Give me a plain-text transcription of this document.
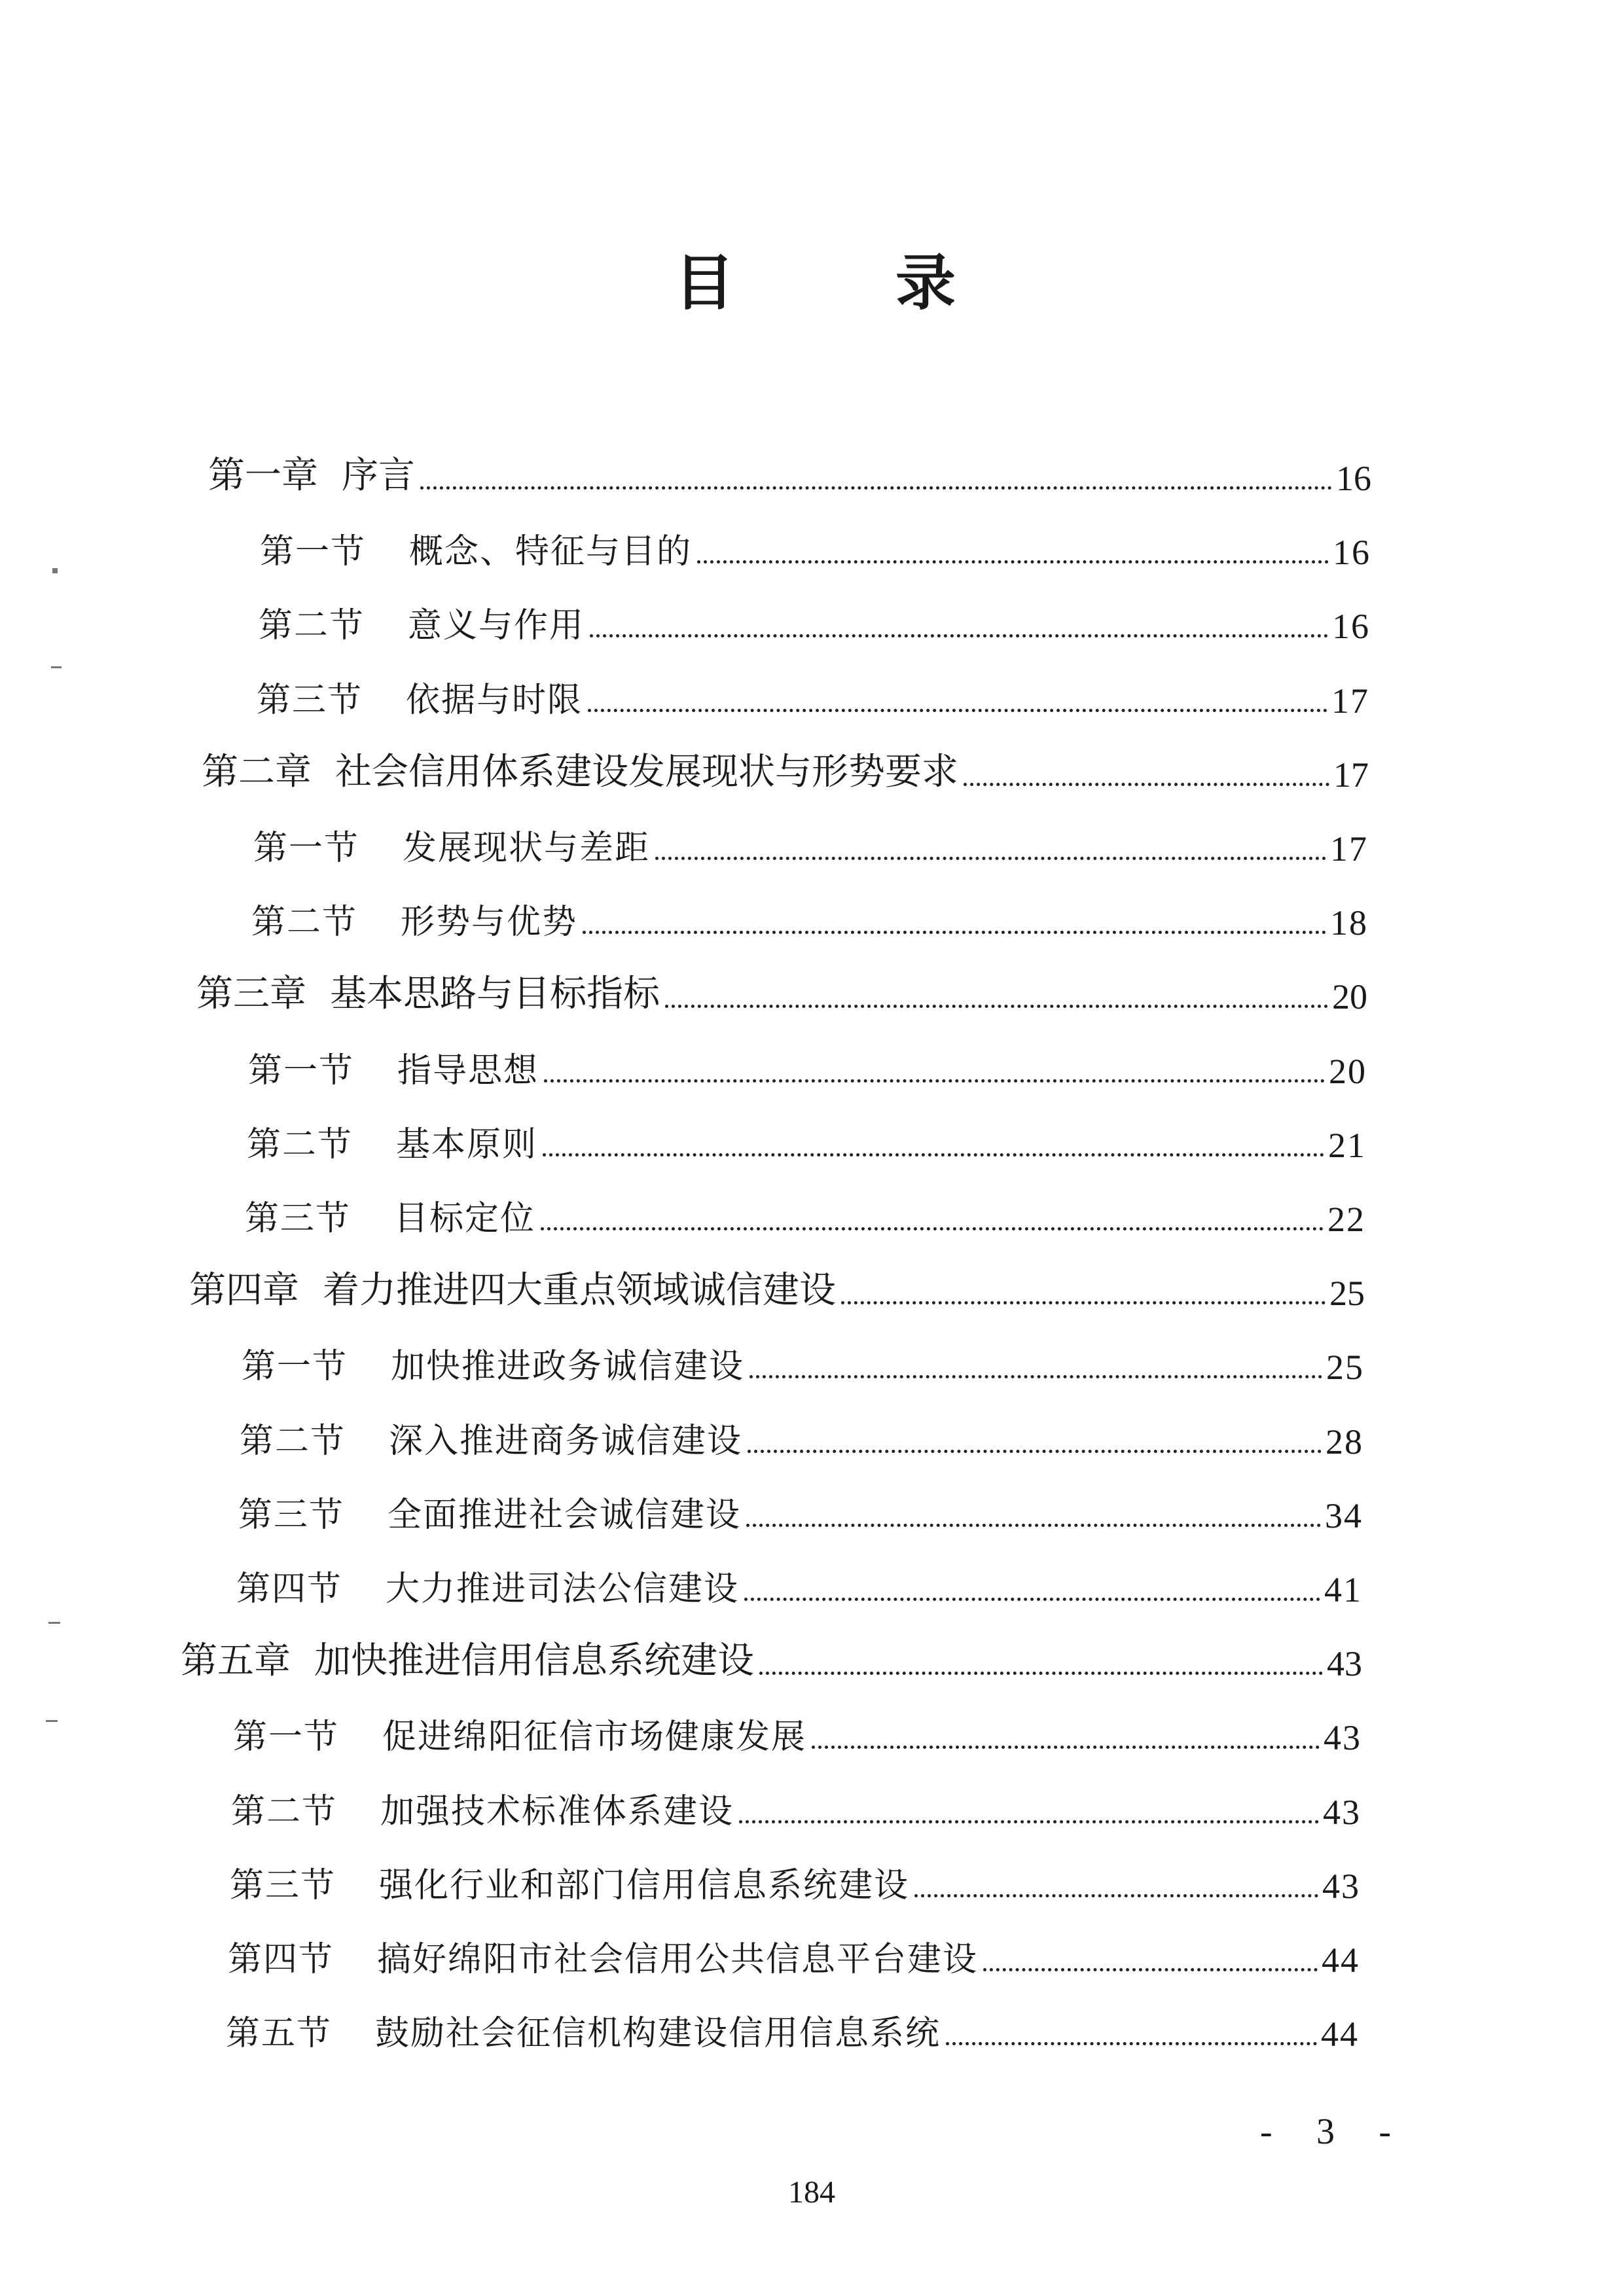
目	录
第一章 序言	16
第一节 概念、特征与目的	16
第二节 意义与作用	16
第三节 依据与时限	17
第二章 社会信用体系建设发展现状与形势要求	17
第一节 发展现状与差距	17
第二节 形势与优势	18
第三章 基本思路与目标指标	20
第一节 指导思想	20
第二节 基本原则	21
第三节 目标定位	22
第四章 着力推进四大重点领域诚信建设	25
第一节 加快推进政务诚信建设	25
第二节 深入推进商务诚信建设	28
第三节 全面推进社会诚信建设	34
第四节 大力推进司法公信建设	41
第五章 加快推进信用信息系统建设	43
第一节 促进绵阳征信市场健康发展	43
第二节 加强技术标准体系建设	43
第三节 强化行业和部门信用信息系统建设	43
第四节 搞好绵阳市社会信用公共信息平台建设	44
第五节 鼓励社会征信机构建设信用信息系统	44
- 3 -
184
